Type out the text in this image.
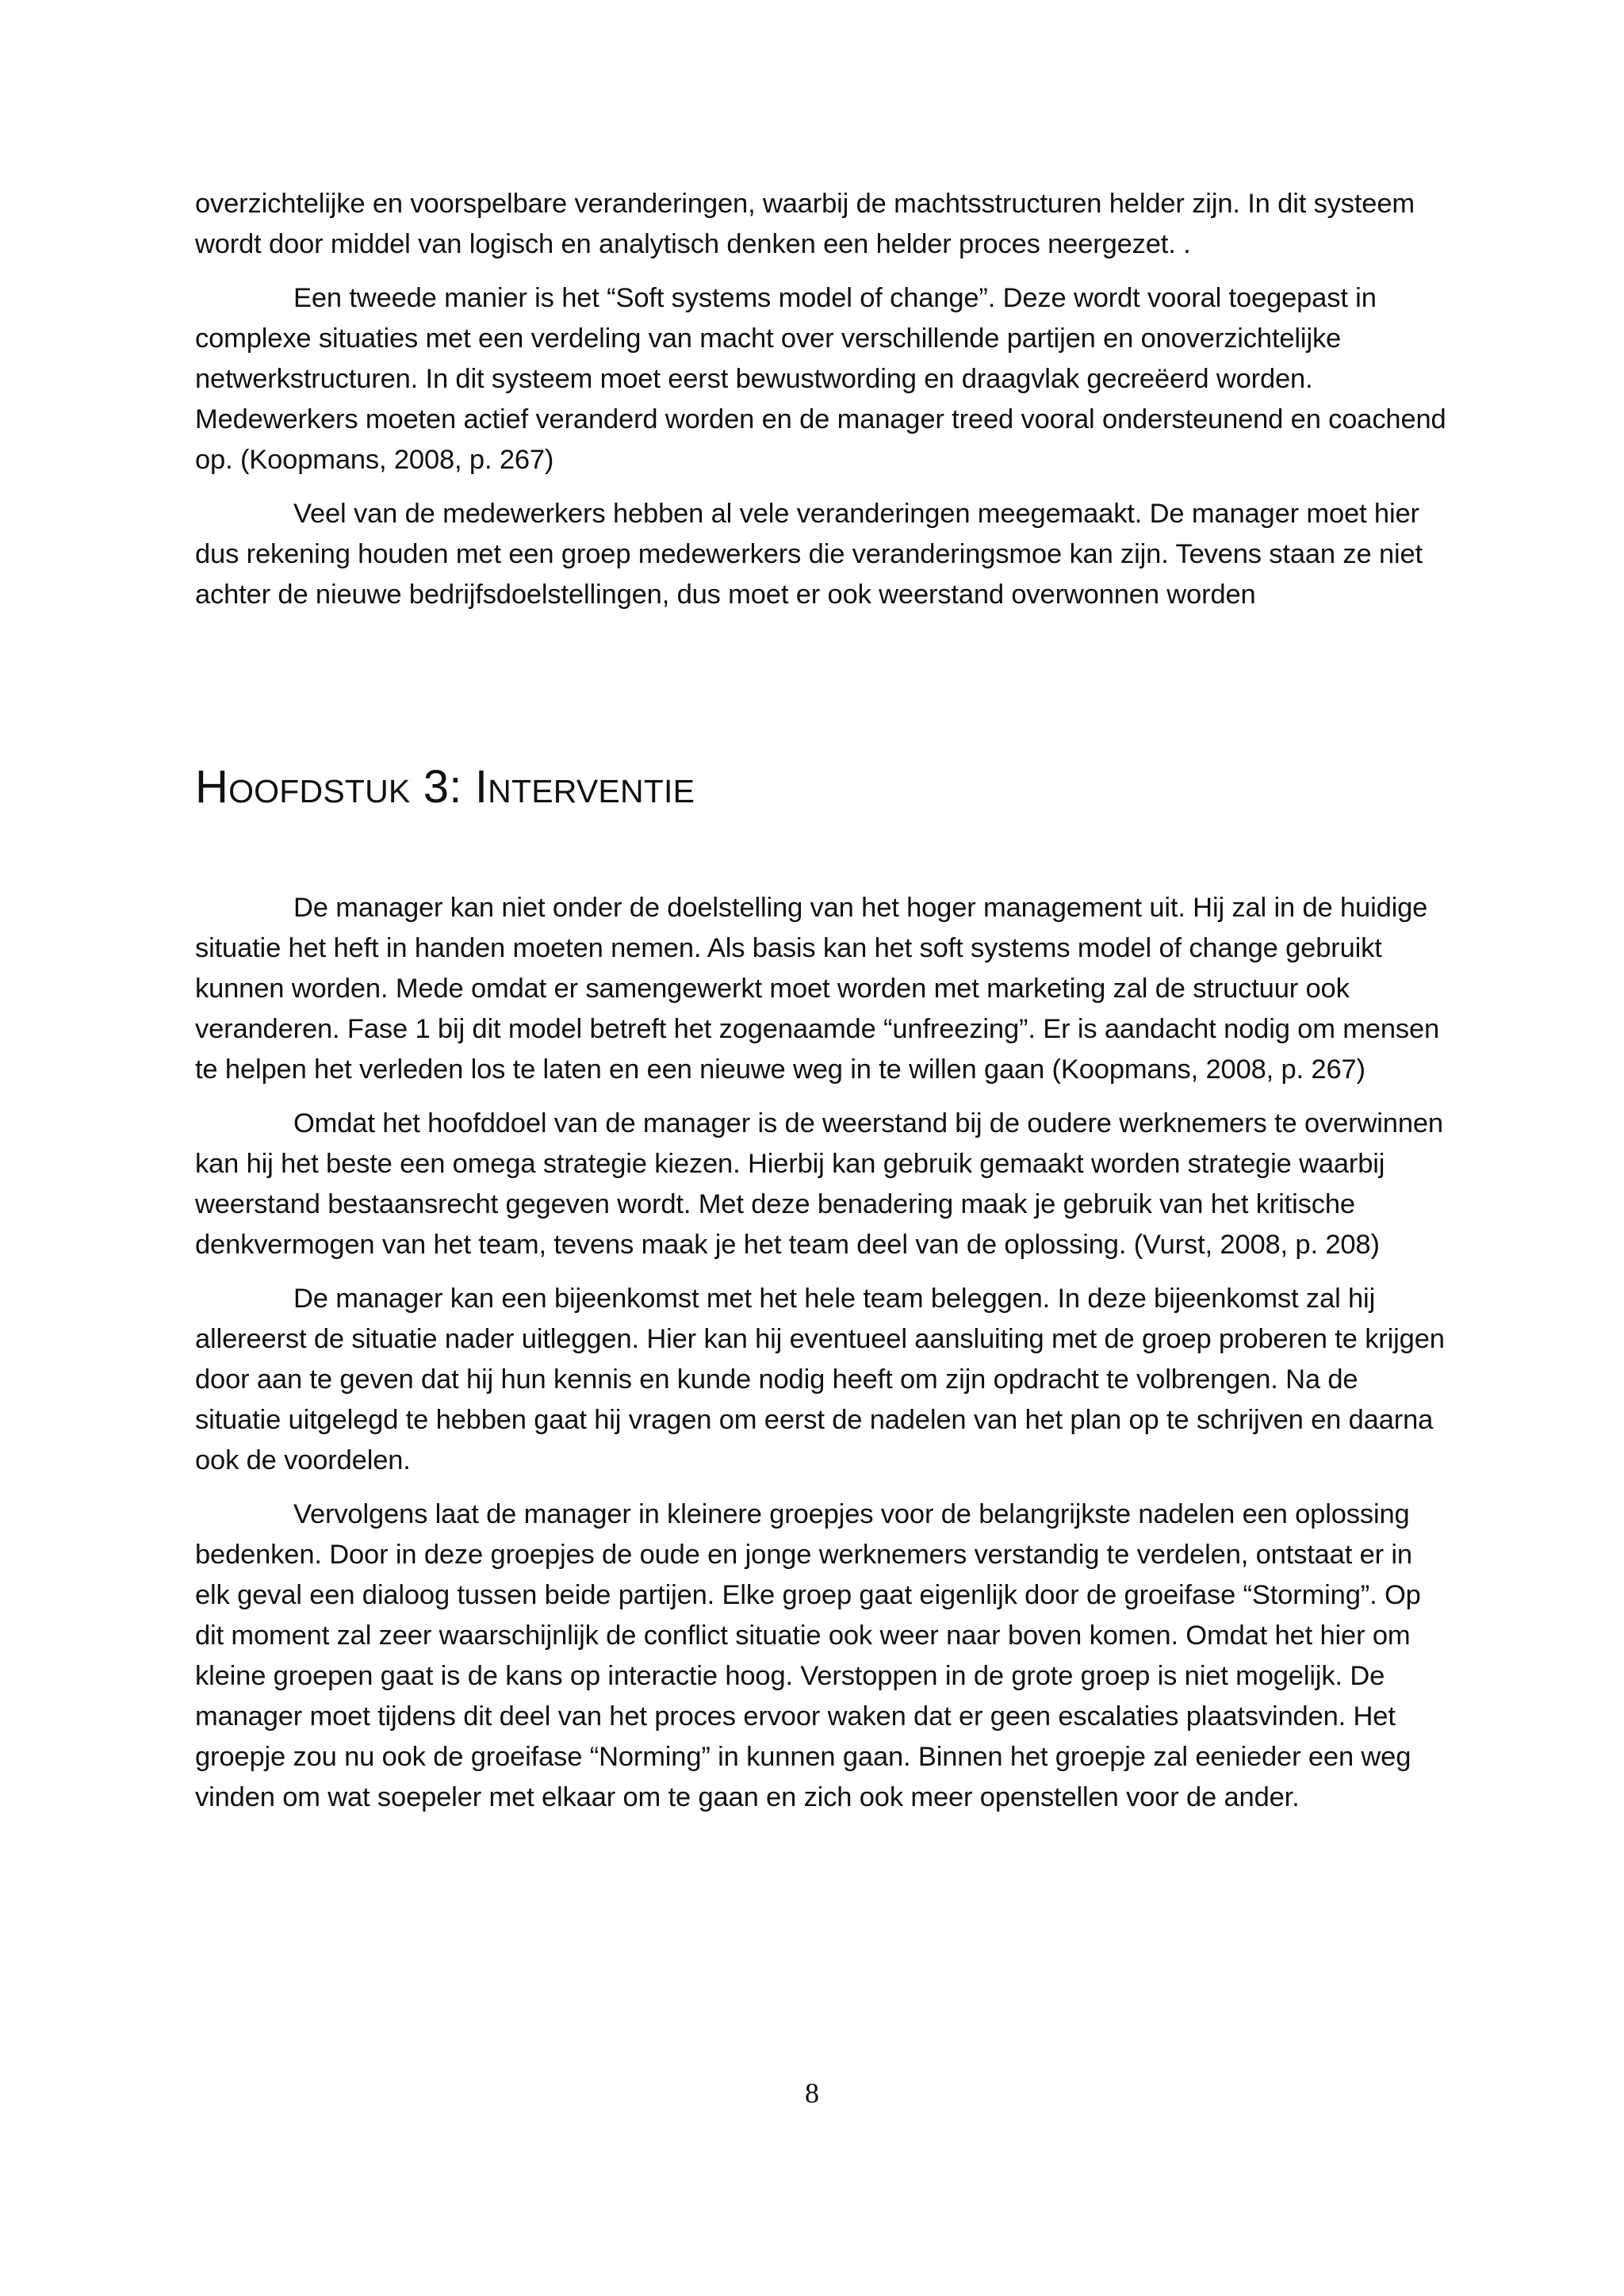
overzichtelijke en voorspelbare veranderingen, waarbij de machtsstructuren helder zijn. In dit systeem wordt door middel van logisch en analytisch denken een helder proces neergezet. .

Een tweede manier is het “Soft systems model of change”. Deze wordt vooral toegepast in complexe situaties met een verdeling van macht over verschillende partijen en onoverzichtelijke netwerkstructuren. In dit systeem moet eerst bewustwording en draagvlak gecreëerd worden. Medewerkers moeten actief veranderd worden en de manager treed vooral ondersteunend en coachend op. (Koopmans, 2008, p. 267)

Veel van de medewerkers hebben al vele veranderingen meegemaakt. De manager moet hier dus rekening houden met een groep medewerkers die veranderingsmoe kan zijn. Tevens staan ze niet achter de nieuwe bedrijfsdoelstellingen, dus moet er ook weerstand overwonnen worden

Hoofdstuk 3: Interventie

De manager kan niet onder de doelstelling van het hoger management uit. Hij zal in de huidige situatie het heft in handen moeten nemen. Als basis kan het soft systems model of change gebruikt kunnen worden. Mede omdat er samengewerkt moet worden met marketing zal de structuur ook veranderen. Fase 1 bij dit model betreft het zogenaamde “unfreezing”. Er is aandacht nodig om mensen te helpen het verleden los te laten en een nieuwe weg in te willen gaan (Koopmans, 2008, p. 267)

Omdat het hoofddoel van de manager is de weerstand bij de oudere werknemers te overwinnen kan hij het beste een omega strategie kiezen. Hierbij kan gebruik gemaakt worden strategie waarbij weerstand bestaansrecht gegeven wordt. Met deze benadering maak je gebruik van het kritische denkvermogen van het team, tevens maak je het team deel van de oplossing. (Vurst, 2008, p. 208)

De manager kan een bijeenkomst met het hele team beleggen. In deze bijeenkomst zal hij allereerst de situatie nader uitleggen. Hier kan hij eventueel aansluiting met de groep proberen te krijgen door aan te geven dat hij hun kennis en kunde nodig heeft om zijn opdracht te volbrengen. Na de situatie uitgelegd te hebben gaat hij vragen om eerst de nadelen van het plan op te schrijven en daarna ook de voordelen.

Vervolgens laat de manager in kleinere groepjes voor de belangrijkste nadelen een oplossing bedenken. Door in deze groepjes de oude en jonge werknemers verstandig te verdelen, ontstaat er in elk geval een dialoog tussen beide partijen. Elke groep gaat eigenlijk door de groeifase “Storming”. Op dit moment zal zeer waarschijnlijk de conflict situatie ook weer naar boven komen. Omdat het hier om kleine groepen gaat is de kans op interactie hoog. Verstoppen in de grote groep is niet mogelijk. De manager moet tijdens dit deel van het proces ervoor waken dat er geen escalaties plaatsvinden. Het groepje zou nu ook de groeifase “Norming” in kunnen gaan. Binnen het groepje zal eenieder een weg vinden om wat soepeler met elkaar om te gaan en zich ook meer openstellen voor de ander.

8
